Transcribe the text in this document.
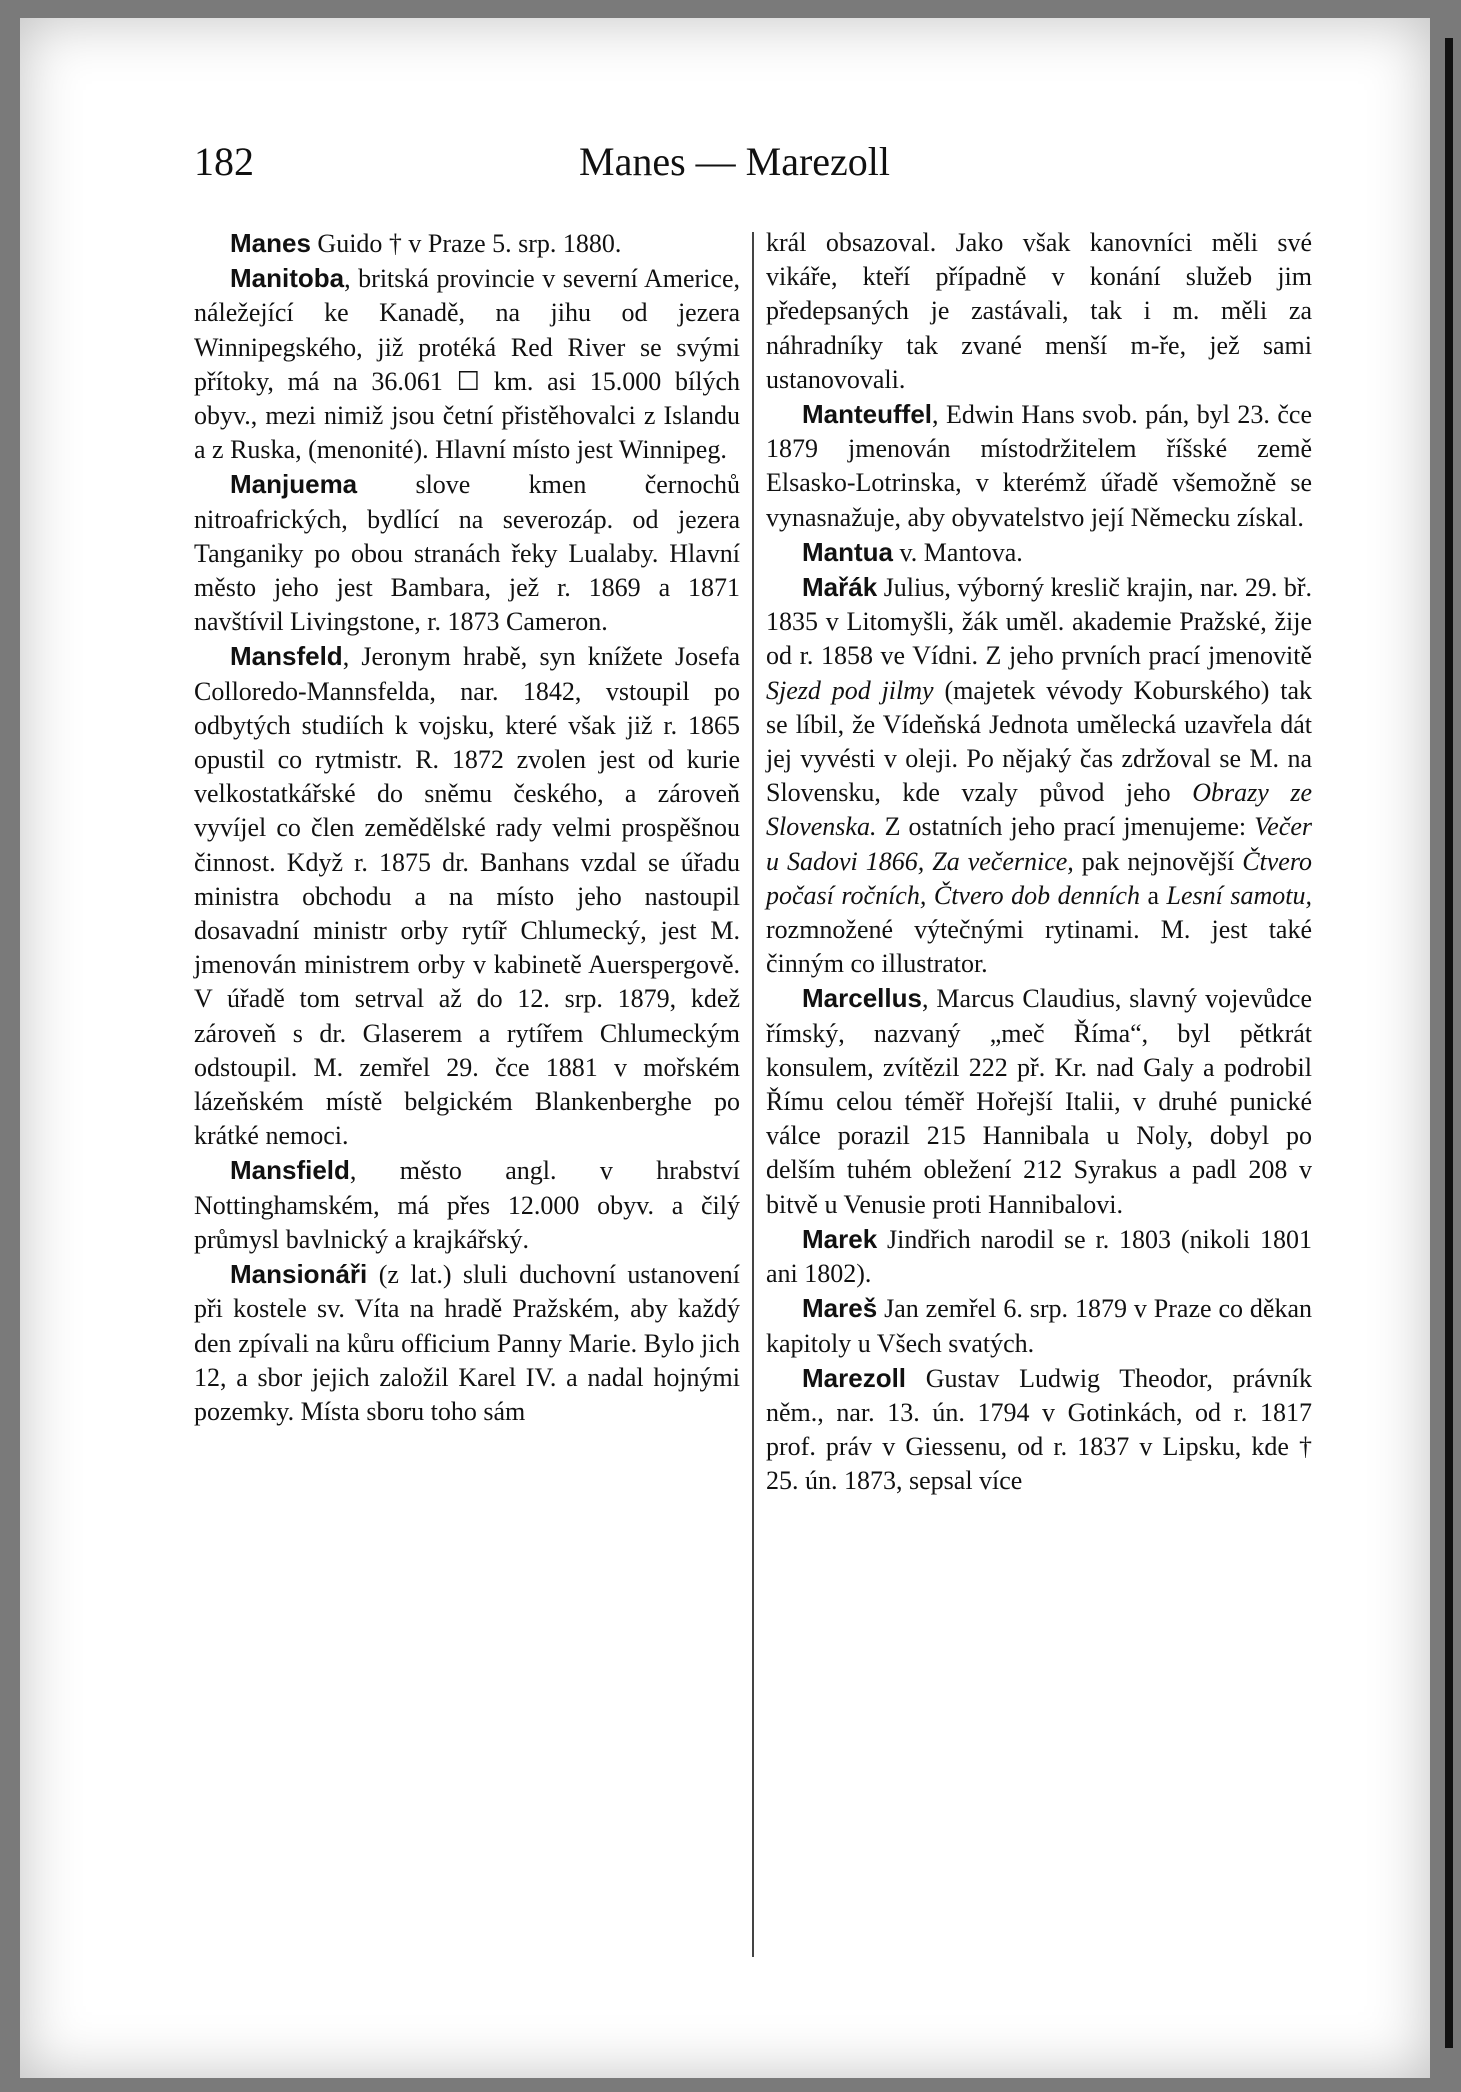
182	Manes — Marezoll

Manes Guido † v Praze 5. srp. 1880.

Manitoba, britská provincie v severní Americe, náležející ke Kanadě, na jihu od jezera Winnipegského, již protéká Red River se svými přítoky, má na 36.061 ☐ km. asi 15.000 bílých obyv., mezi nimiž jsou četní přistěhovalci z Islandu a z Ruska, (menonité). Hlavní místo jest Winnipeg.

Manjuema slove kmen černochů nitroafrických, bydlící na severozáp. od jezera Tanganiky po obou stranách řeky Lualaby. Hlavní město jeho jest Bambara, jež r. 1869 a 1871 navštívil Livingstone, r. 1873 Cameron.

Mansfeld, Jeronym hrabě, syn knížete Josefa Colloredo-Mannsfelda, nar. 1842, vstoupil po odbytých studiích k vojsku, které však již r. 1865 opustil co rytmistr. R. 1872 zvolen jest od kurie velkostatkářské do sněmu českého, a zároveň vyvíjel co člen zemědělské rady velmi prospěšnou činnost. Když r. 1875 dr. Banhans vzdal se úřadu ministra obchodu a na místo jeho nastoupil dosavadní ministr orby rytíř Chlumecký, jest M. jmenován ministrem orby v kabinetě Auerspergově. V úřadě tom setrval až do 12. srp. 1879, kdež zároveň s dr. Glaserem a rytířem Chlumeckým odstoupil. M. zemřel 29. čce 1881 v mořském lázeňském místě belgickém Blankenberghe po krátké nemoci.

Mansfield, město angl. v hrabství Nottinghamském, má přes 12.000 obyv. a čilý průmysl bavlnický a krajkářský.

Mansionáři (z lat.) sluli duchovní ustanovení při kostele sv. Víta na hradě Pražském, aby každý den zpívali na kůru officium Panny Marie. Bylo jich 12, a sbor jejich založil Karel IV. a nadal hojnými pozemky. Místa sboru toho sám

král obsazoval. Jako však kanovníci měli své vikáře, kteří případně v konání služeb jim předepsaných je zastávali, tak i m. měli za náhradníky tak zvané menší m-ře, jež sami ustanovovali.

Manteuffel, Edwin Hans svob. pán, byl 23. čce 1879 jmenován místodržitelem říšské země Elsasko-Lotrinska, v kterémž úřadě všemožně se vynasnažuje, aby obyvatelstvo její Německu získal.

Mantua v. Mantova.

Mařák Julius, výborný kreslič krajin, nar. 29. bř. 1835 v Litomyšli, žák uměl. akademie Pražské, žije od r. 1858 ve Vídni. Z jeho prvních prací jmenovitě Sjezd pod jilmy (majetek vévody Koburského) tak se líbil, že Vídeňská Jednota umělecká uzavřela dát jej vyvésti v oleji. Po nějaký čas zdržoval se M. na Slovensku, kde vzaly původ jeho Obrazy ze Slovenska. Z ostatních jeho prací jmenujeme: Večer u Sadovi 1866, Za večernice, pak nejnovější Čtvero počasí ročních, Čtvero dob denních a Lesní samotu, rozmnožené výtečnými rytinami. M. jest také činným co illustrator.

Marcellus, Marcus Claudius, slavný vojevůdce římský, nazvaný „meč Říma“, byl pětkrát konsulem, zvítězil 222 př. Kr. nad Galy a podrobil Římu celou téměř Hořejší Italii, v druhé punické válce porazil 215 Hannibala u Noly, dobyl po delším tuhém obležení 212 Syrakus a padl 208 v bitvě u Venusie proti Hannibalovi.

Marek Jindřich narodil se r. 1803 (nikoli 1801 ani 1802).

Mareš Jan zemřel 6. srp. 1879 v Praze co děkan kapitoly u Všech svatých.

Marezoll Gustav Ludwig Theodor, právník něm., nar. 13. ún. 1794 v Gotinkách, od r. 1817 prof. práv v Giessenu, od r. 1837 v Lipsku, kde † 25. ún. 1873, sepsal více
